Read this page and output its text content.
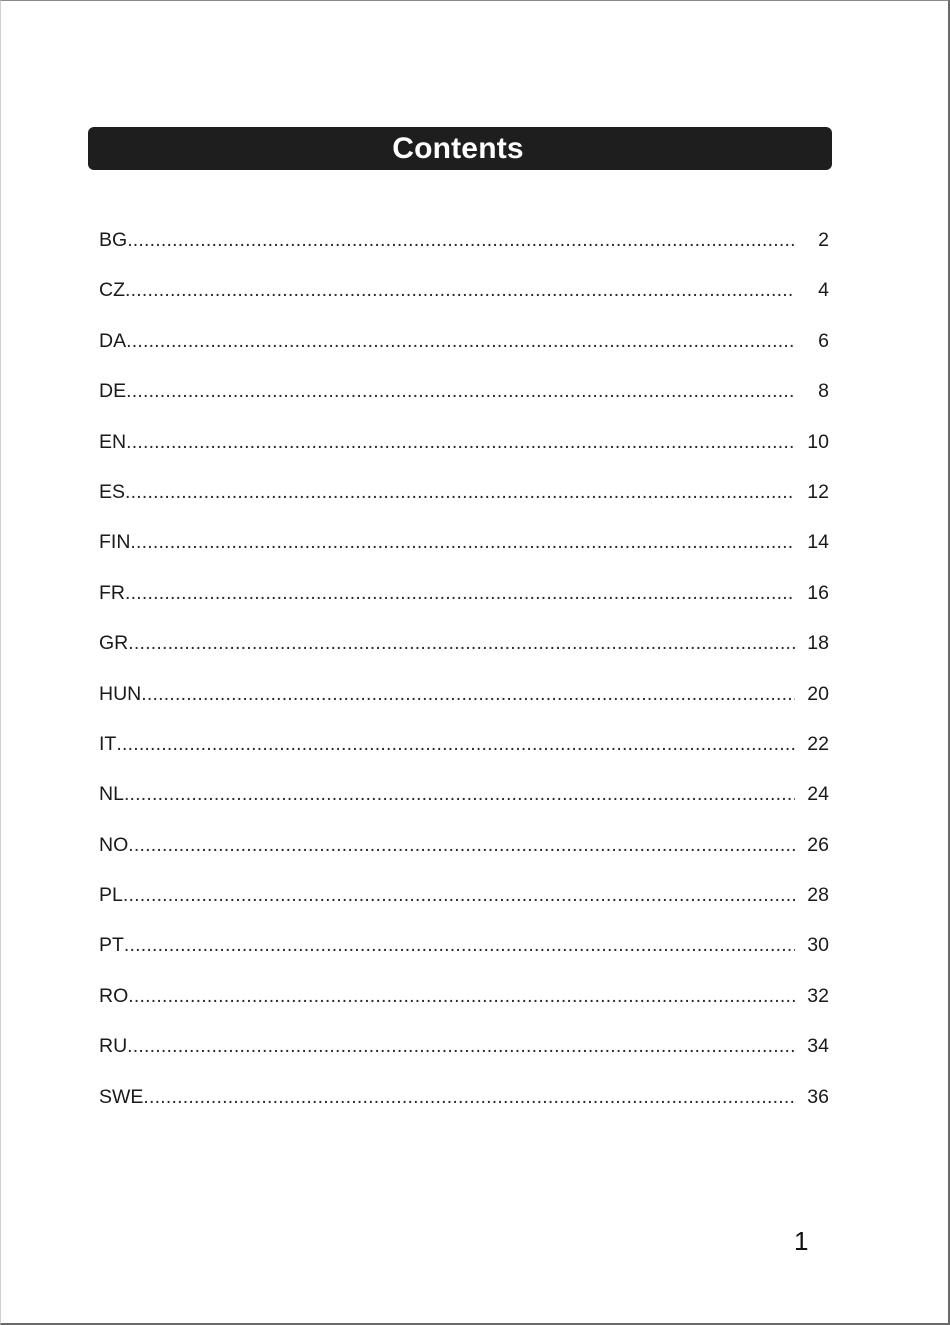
Contents
BG .....	2
CZ .....	4
DA .....	6
DE .....	8
EN .....	10
ES .....	12
FIN .....	14
FR .....	16
GR .....	18
HUN .....	20
IT .....	22
NL .....	24
NO .....	26
PL .....	28
PT .....	30
RO .....	32
RU .....	34
SWE .....	36
1
